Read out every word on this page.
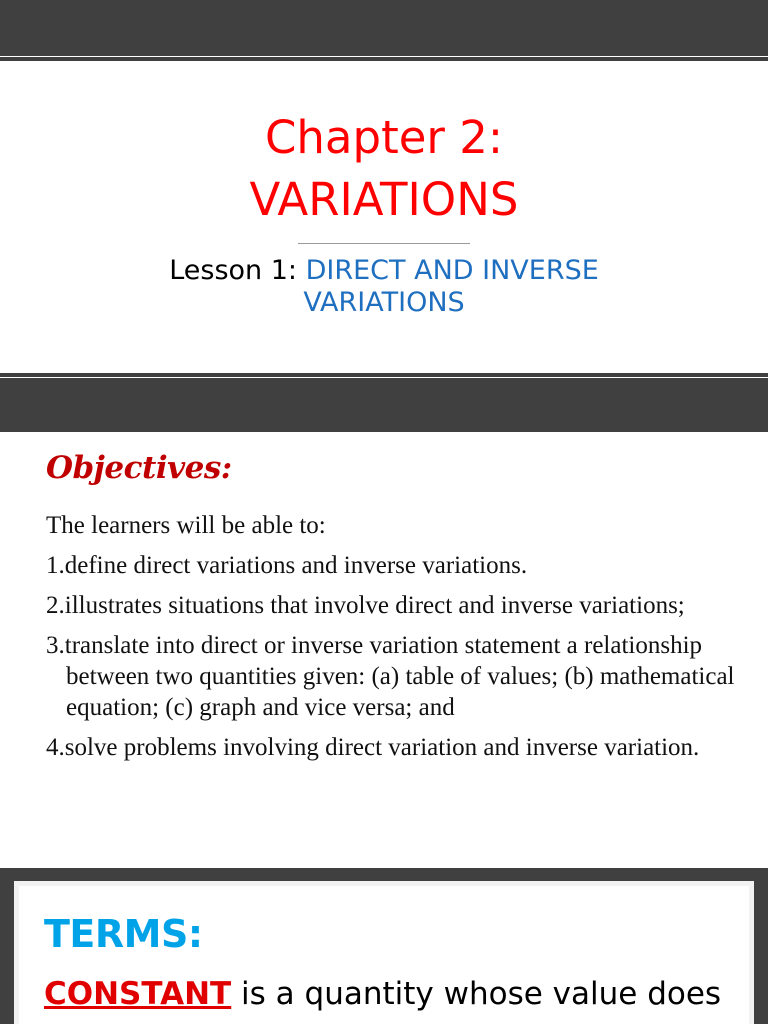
Chapter 2:
VARIATIONS
Lesson 1: DIRECT AND INVERSE
VARIATIONS
Objectives:

The learners will be able to:

1.define direct variations and inverse variations.
2.illustrates situations that involve direct and inverse variations;
3.translate into direct or inverse variation statement a relationship between two quantities given: (a) table of values; (b) mathematical equation; (c) graph and vice versa; and
4.solve problems involving direct variation and inverse variation.
TERMS:
CONSTANT is a quantity whose value does
